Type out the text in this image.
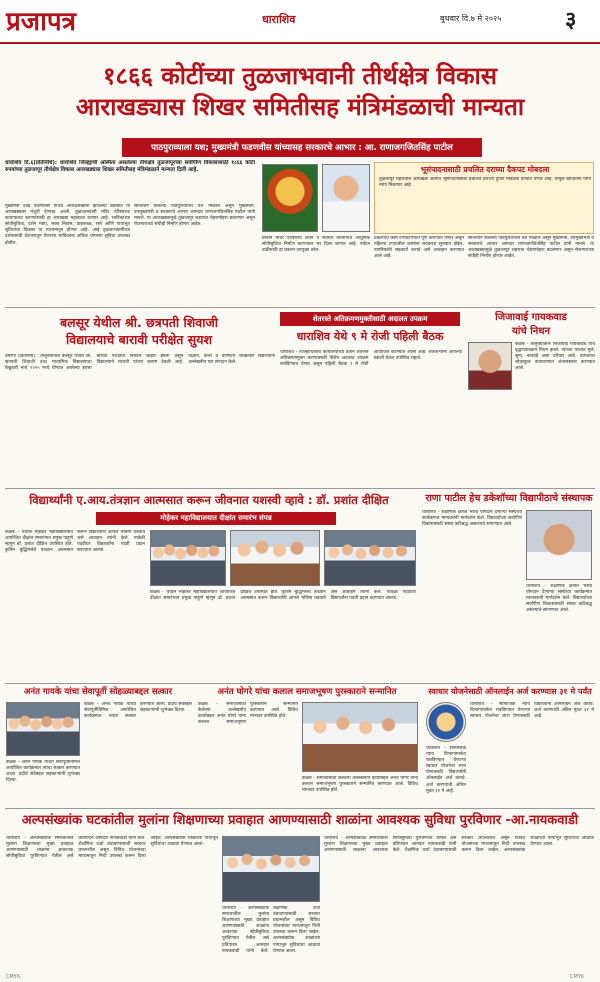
प्रजापत्र	धाराशिव	बुधवार दि.७ मे २०२५	३
१८६६ कोटींच्या तुळजाभवानी तीर्थक्षेत्र विकास
आराखड्यास शिखर समितीसह मंत्रिमंडळाची मान्यता
पाठपुराव्याला यश; मुख्यमंत्री फडणवीस यांच्यासह सरकारचे आभार : आ. राणाजगजितसिंह पाटील
धाराशिव दि.६(प्रतिनिधि): धाराशिव जिल्ह्याची अस्मिता असलेल्या तीर्थक्षेत्र तुळजापूरच्या सर्वांगीण विकासासाठी १८६६ कोटी रुपयांच्या तुळजापूर तीर्थक्षेत्र विकास आराखड्यास शिखर समितीसह मंत्रिमंडळाने मान्यता दिली आहे.
मुख्यमंत्री देवेंद्र फडणवीस यांच्या अध्यक्षतेखाली झालेल्या बैठकीत या आराखड्यास मंजुरी देण्यात आली. तुळजाभवानी मंदिर परिसराचा कायापालट करण्यासाठी हा आराखडा महत्वाचा ठरणार आहे. भाविकांच्या सोयीसुविधा, दर्शन मंडप, भक्त निवास, वाहनतळ, रस्ते आणि पायाभूत सुविधांचा विकास या माध्यमातून होणार आहे. आई तुळजाभवानीच्या दर्शनासाठी देशभरातून येणाऱ्या भाविकांना अधिक चांगल्या सुविधा उपलब्ध होतील.
सातत्याने केलेल्या पाठपुराव्याला यश मिळाले असून मुख्यमंत्री, उपमुख्यमंत्री व सरकारचे आभार आमदार राणाजगजितसिंह पाटील यांनी मानले. या आराखड्यामुळे तुळजापूर शहराचा चेहरामोहरा बदलणार असून रोजगाराच्या संधीही निर्माण होणार आहेत.
प्राचीन मंदिर परिसराचे जतन व संवर्धन करतानाच आधुनिक सोयीसुविधा निर्माण करण्यावर भर दिला जाणार आहे. पर्यटन वाढीसाठी हा प्रकल्प उपयुक्त ठरेल.
प्रकल्पाचे काम टप्प्याटप्प्याने पूर्ण करण्यात येणार असून पहिल्या टप्प्यातील कामांना लवकरच सुरुवात होईल. नागरिकांनी सहकार्य करावे असे आवाहन करण्यात आले आहे.
भूसंपादनासाठी प्रचलित दराच्या दैकपट मोबदला
तुळजापूर शहरातील आराखडा अंतर्गत भूसंपादनासाठी प्रचलित दराच्या दुप्पट मोबदला देण्यात येणार आहे. यामुळे बाधितांना योग्य न्याय मिळणार आहे.
सातत्याने केलेल्या पाठपुराव्याला यश मिळाले असून मुख्यमंत्री, उपमुख्यमंत्री व सरकारचे आभार आमदार राणाजगजितसिंह पाटील यांनी मानले. या आराखड्यामुळे तुळजापूर शहराचा चेहरामोहरा बदलणार असून रोजगाराच्या संधीही निर्माण होणार आहेत.
बलसूर येथील श्री. छत्रपती शिवाजी
विद्यालयाचे बारावी परीक्षेत सुयश
उमरगा (प्रतिनिधि) : तालुक्यातील बलसूर येथील श्री. छत्रपती शिवाजी उच्च माध्यमिक विद्यालयाचा फेब्रुवारी मार्च २०२५ मध्ये घेण्यात आलेल्या इयत्ता बारावी परीक्षेचा निकाल जाहीर झाला असून विद्यालयाने यशाची परंपरा कायम ठेवली आहे. विज्ञान, कला व वाणिज्य शाखेतील विद्यार्थ्यांनी उल्लेखनीय यश संपादन केले.
शेतरस्ते अतिक्रमणमुक्तीसाठी अदालत उपक्रम
धाराशिव येथे ९ मे रोजी पहिली बैठक
धाराशिव - जिल्हाधिकारी कार्यालयाच्या वतीने शेतरस्ते अतिक्रमणमुक्त करण्यासाठी विशेष अदालत उपक्रम राबविण्यात येणार असून पहिली बैठक ९ मे रोजी आयोजित करण्यात आली आहे. शेतकऱ्यांनी आपल्या तक्रारी घेऊन उपस्थित राहावे.
जिजावाई गायकवाड
यांचे निधन
कळंब - तालुक्यातील जिजावाई गायकवाड यांचे वृद्धापकाळाने निधन झाले. त्यांच्या पश्चात मुले, सुना, नातवंडे असा परिवार आहे. त्यांच्यावर शोकाकुल वातावरणात अंत्यसंस्कार करण्यात आले.
विद्यार्थ्यांनी ए.आय.तंत्रज्ञान आत्मसात करून जीवनात यशस्वी व्हावे : डॉ. प्रशांत दीक्षित
मोहेकर महाविद्यालयात दीक्षांत समारंभ संपन्न
कळंब - येथील मोहेकर महाविद्यालयात आयोजित दीक्षांत समारंभात प्रमुख पाहुणे म्हणून डॉ. प्रशांत दीक्षित उपस्थित होते. कृत्रिम बुद्धिमत्तेचे तंत्रज्ञान आत्मसात करून विद्यार्थ्यांनी आपले भविष्य घडवावे असे आवाहन त्यांनी केले. यावेळी पदवीधर विद्यार्थ्यांना पदवी प्रदान करण्यात आल्या.
कळंब - येथील मोहेकर महाविद्यालयात आयोजित दीक्षांत समारंभात प्रमुख पाहुणे म्हणून डॉ. प्रशांत दीक्षित उपस्थित होते. कृत्रिम बुद्धिमत्तेचे तंत्रज्ञान आत्मसात करून विद्यार्थ्यांनी आपले भविष्य घडवावे असे आवाहन त्यांनी केले. यावेळी पदवीधर विद्यार्थ्यांना पदवी प्रदान करण्यात आल्या.
राणा पाटील हेच डकेशॉच्या विद्यापीठाचे संस्थापक
धाराशिव - शैक्षणिक क्षेत्रात भरीव योगदान देणाऱ्या संस्थेच्या कार्यक्रमात मान्यवरांनी मार्गदर्शन केले. विद्यार्थ्यांच्या सर्वांगीण विकासासाठी संस्था कटिबद्ध असल्याचे सांगण्यात आले.
धाराशिव - शैक्षणिक क्षेत्रात भरीव योगदान देणाऱ्या संस्थेच्या कार्यक्रमात मान्यवरांनी मार्गदर्शन केले. विद्यार्थ्यांच्या सर्वांगीण विकासासाठी संस्था कटिबद्ध असल्याचे सांगण्यात आले.
अनंत गायके यांचा सेवापूर्ती सोहळ्याबद्दल सत्कार
कळंब - अनंत गायके यांच्या सेवापूर्तीनिमित्त आयोजित कार्यक्रमात त्यांचा सत्कार करण्यात आला. प्रदीर्घ सेवेबद्दल सहकाऱ्यांनी शुभेच्छा दिल्या.
कळंब - अनंत गायके यांच्या सेवापूर्तीनिमित्त आयोजित कार्यक्रमात त्यांचा सत्कार करण्यात आला. प्रदीर्घ सेवेबद्दल सहकाऱ्यांनी शुभेच्छा दिल्या.
अनंत घोगरे यांचा कलाल समाजभूषण पुरस्काराने सन्मानित
कळंब - समाजासाठी केलेल्या उल्लेखनीय कार्याबद्दल अनंत घोगरे यांना कलाल समाजभूषण पुरस्काराने सन्मानित करण्यात आले. विविध मान्यवर उपस्थित होते.
कळंब - समाजासाठी केलेल्या उल्लेखनीय कार्याबद्दल अनंत घोगरे यांना कलाल समाजभूषण पुरस्काराने सन्मानित करण्यात आले. विविध मान्यवर उपस्थित होते.
स्वाधार योजनेसाठी ऑनलाईन अर्ज करण्यास ३१ मे पर्यंत
धाराशिव - सामाजिक न्याय विभागामार्फत राबविण्यात येणाऱ्या स्वाधार योजनेचा लाभ घेण्यासाठी विद्यार्थ्यांनी ऑनलाईन अर्ज करावे. अर्ज करण्याची अंतिम मुदत ३१ मे आहे.
धाराशिव - सामाजिक न्याय विभागामार्फत राबविण्यात येणाऱ्या स्वाधार योजनेचा लाभ घेण्यासाठी विद्यार्थ्यांनी ऑनलाईन अर्ज करावे. अर्ज करण्याची अंतिम मुदत ३१ मे आहे.
अल्पसंख्यांक घटकांतील मुलांना शिक्षणाच्या प्रवाहात आणण्यासाठी शाळांना आवश्यक सुविधा पुरविणार -आ.नायकवाडी
धाराशिव - अल्पसंख्यांक समाजातील मुलांना शिक्षणाच्या मुख्य प्रवाहात आणण्यासाठी शाळांना आवश्यक सोयीसुविधा पुरविण्यात येतील असे प्रतिपादन आमदार नायकवाडी यांनी केले. शैक्षणिक दर्जा उंचावण्यासाठी सरकार प्रयत्नशील असून विविध योजनांच्या माध्यमातून निधी उपलब्ध करून दिला जाईल. अल्पसंख्यांक शाळांच्या पायाभूत सुविधांचा आढावा घेण्यात आला.
धाराशिव - अल्पसंख्यांक समाजातील मुलांना शिक्षणाच्या मुख्य प्रवाहात आणण्यासाठी शाळांना आवश्यक सोयीसुविधा पुरविण्यात येतील असे प्रतिपादन आमदार नायकवाडी यांनी केले. शैक्षणिक दर्जा उंचावण्यासाठी सरकार प्रयत्नशील असून विविध योजनांच्या माध्यमातून निधी उपलब्ध करून दिला जाईल. अल्पसंख्यांक शाळांच्या पायाभूत सुविधांचा आढावा घेण्यात आला.
धाराशिव - अल्पसंख्यांक समाजातील मुलांना शिक्षणाच्या मुख्य प्रवाहात आणण्यासाठी शाळांना आवश्यक सोयीसुविधा पुरविण्यात येतील असे प्रतिपादन आमदार नायकवाडी यांनी केले. शैक्षणिक दर्जा उंचावण्यासाठी सरकार प्रयत्नशील असून विविध योजनांच्या माध्यमातून निधी उपलब्ध करून दिला जाईल. अल्पसंख्यांक शाळांच्या पायाभूत सुविधांचा आढावा घेण्यात आला.
CMYK	CMYK
